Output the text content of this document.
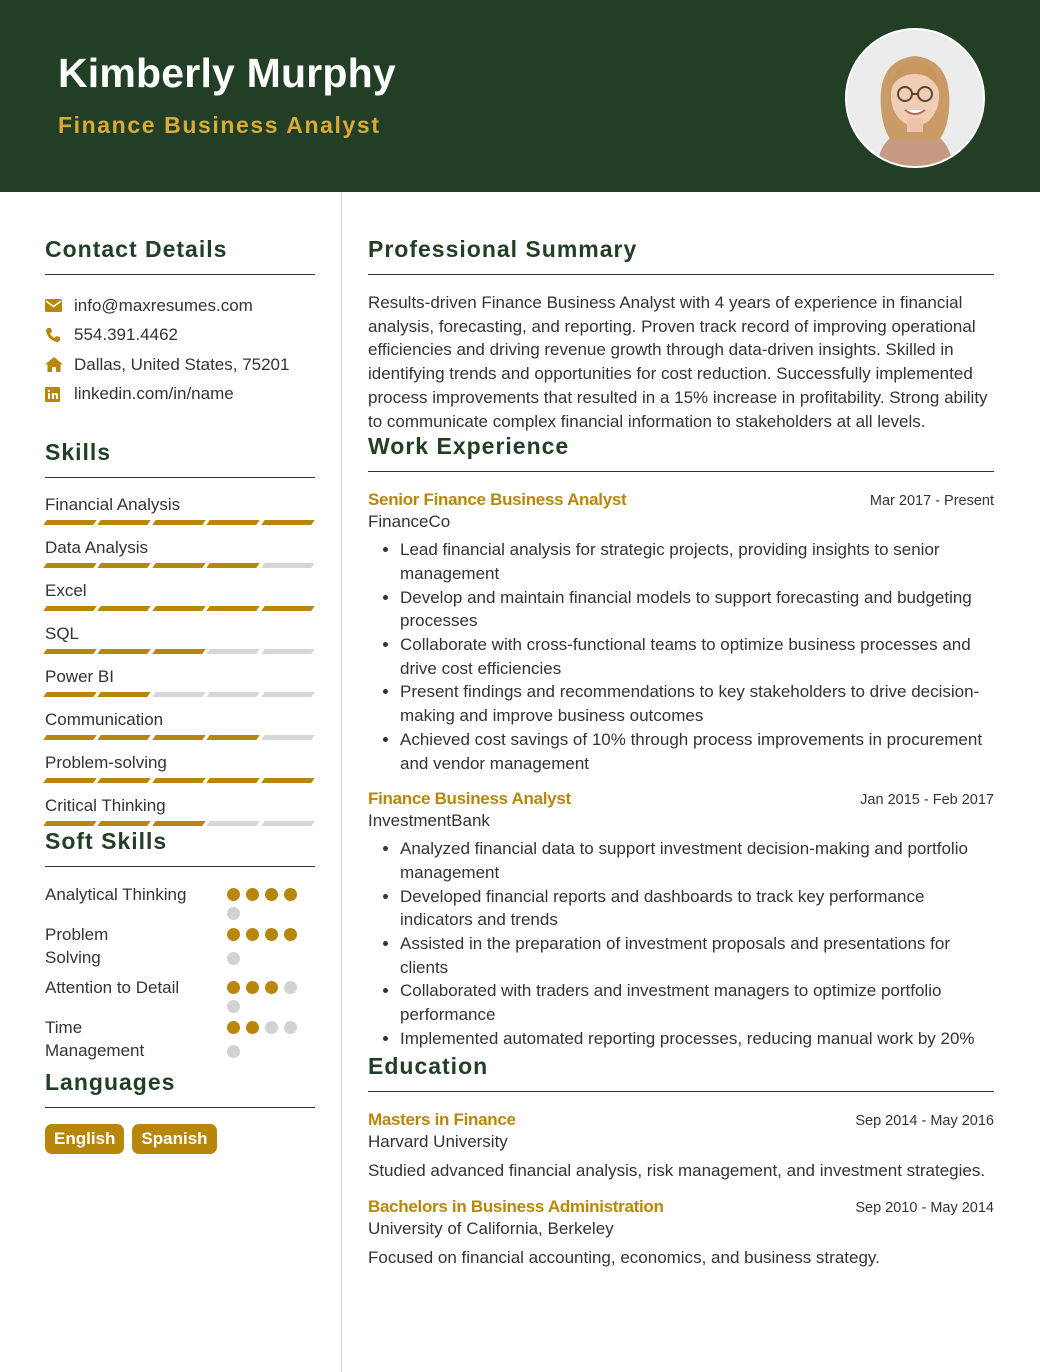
Kimberly Murphy
Finance Business Analyst
Contact Details
info@maxresumes.com
554.391.4462
Dallas, United States, 75201
linkedin.com/in/name
Skills
Financial Analysis
Data Analysis
Excel
SQL
Power BI
Communication
Problem-solving
Critical Thinking
Soft Skills
Analytical Thinking
Problem Solving
Attention to Detail
Time Management
Languages
English	Spanish
Professional Summary

Results-driven Finance Business Analyst with 4 years of experience in financial analysis, forecasting, and reporting. Proven track record of improving operational efficiencies and driving revenue growth through data-driven insights. Skilled in identifying trends and opportunities for cost reduction. Successfully implemented process improvements that resulted in a 15% increase in profitability. Strong ability to communicate complex financial information to stakeholders at all levels.

Work Experience
Senior Finance Business Analyst	Mar 2017 - Present
FinanceCo
• Lead financial analysis for strategic projects, providing insights to senior management
• Develop and maintain financial models to support forecasting and budgeting processes
• Collaborate with cross-functional teams to optimize business processes and drive cost efficiencies
• Present findings and recommendations to key stakeholders to drive decision-making and improve business outcomes
• Achieved cost savings of 10% through process improvements in procurement and vendor management
Finance Business Analyst	Jan 2015 - Feb 2017
InvestmentBank
• Analyzed financial data to support investment decision-making and portfolio management
• Developed financial reports and dashboards to track key performance indicators and trends
• Assisted in the preparation of investment proposals and presentations for clients
• Collaborated with traders and investment managers to optimize portfolio performance
• Implemented automated reporting processes, reducing manual work by 20%
Education
Masters in Finance	Sep 2014 - May 2016
Harvard University
Studied advanced financial analysis, risk management, and investment strategies.
Bachelors in Business Administration	Sep 2010 - May 2014
University of California, Berkeley
Focused on financial accounting, economics, and business strategy.
